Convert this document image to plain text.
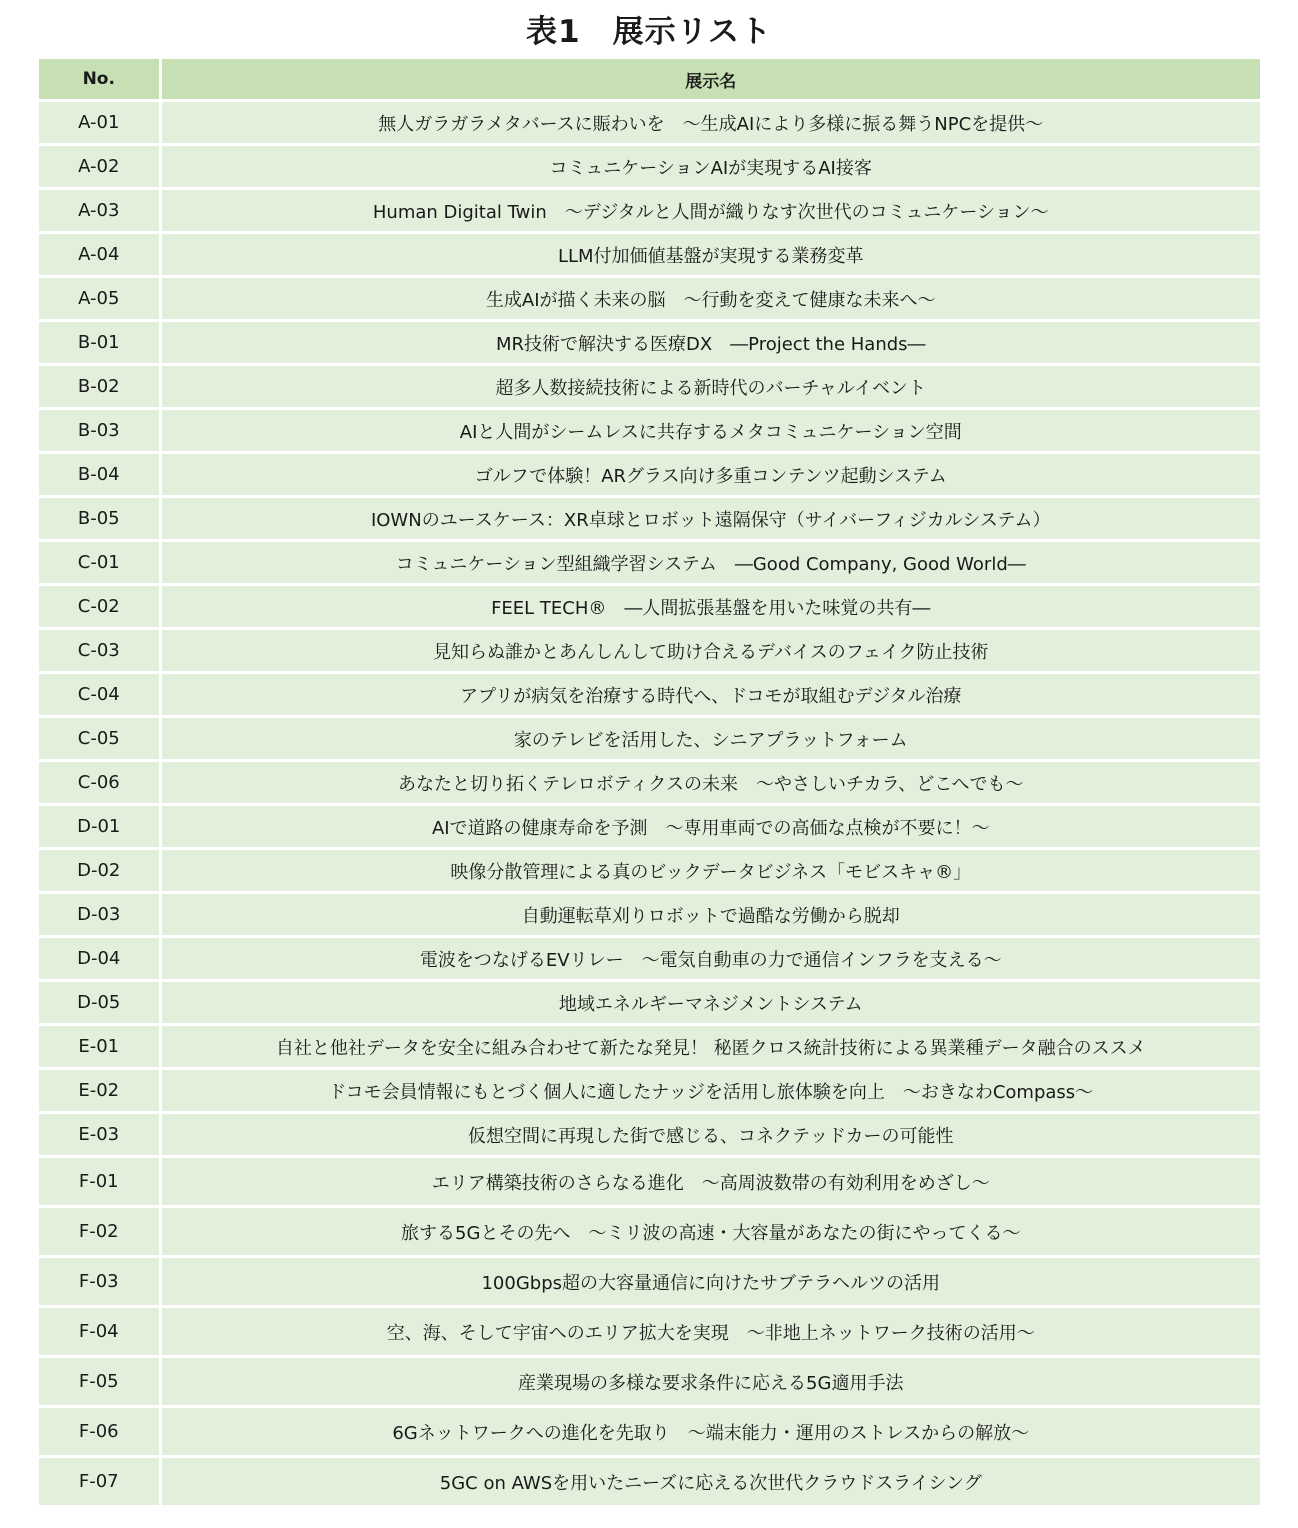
表1　展示リスト
No.	展示名
A-01	無人ガラガラメタバースに賑わいを　～生成AIにより多様に振る舞うNPCを提供～
A-02	コミュニケーションAIが実現するAI接客
A-03	Human Digital Twin　～デジタルと人間が織りなす次世代のコミュニケーション～
A-04	LLM付加価値基盤が実現する業務変革
A-05	生成AIが描く未来の脳　～行動を変えて健康な未来へ～
B-01	MR技術で解決する医療DX　―Project the Hands―
B-02	超多人数接続技術による新時代のバーチャルイベント
B-03	AIと人間がシームレスに共存するメタコミュニケーション空間
B-04	ゴルフで体験！ARグラス向け多重コンテンツ起動システム
B-05	IOWNのユースケース：XR卓球とロボット遠隔保守（サイバーフィジカルシステム）
C-01	コミュニケーション型組織学習システム　―Good Company, Good World―
C-02	FEEL TECH®　―人間拡張基盤を用いた味覚の共有―
C-03	見知らぬ誰かとあんしんして助け合えるデバイスのフェイク防止技術
C-04	アプリが病気を治療する時代へ、ドコモが取組むデジタル治療
C-05	家のテレビを活用した、シニアプラットフォーム
C-06	あなたと切り拓くテレロボティクスの未来　～やさしいチカラ、どこへでも～
D-01	AIで道路の健康寿命を予測　～専用車両での高価な点検が不要に！～
D-02	映像分散管理による真のビックデータビジネス「モビスキャ®」
D-03	自動運転草刈りロボットで過酷な労働から脱却
D-04	電波をつなげるEVリレー　～電気自動車の力で通信インフラを支える～
D-05	地域エネルギーマネジメントシステム
E-01	自社と他社データを安全に組み合わせて新たな発見！ 秘匿クロス統計技術による異業種データ融合のススメ
E-02	ドコモ会員情報にもとづく個人に適したナッジを活用し旅体験を向上　～おきなわCompass～
E-03	仮想空間に再現した街で感じる、コネクテッドカーの可能性
F-01	エリア構築技術のさらなる進化　～高周波数帯の有効利用をめざし～
F-02	旅する5Gとその先へ　～ミリ波の高速・大容量があなたの街にやってくる～
F-03	100Gbps超の大容量通信に向けたサブテラヘルツの活用
F-04	空、海、そして宇宙へのエリア拡大を実現　～非地上ネットワーク技術の活用～
F-05	産業現場の多様な要求条件に応える5G適用手法
F-06	6Gネットワークへの進化を先取り　～端末能力・運用のストレスからの解放～
F-07	5GC on AWSを用いたニーズに応える次世代クラウドスライシング
